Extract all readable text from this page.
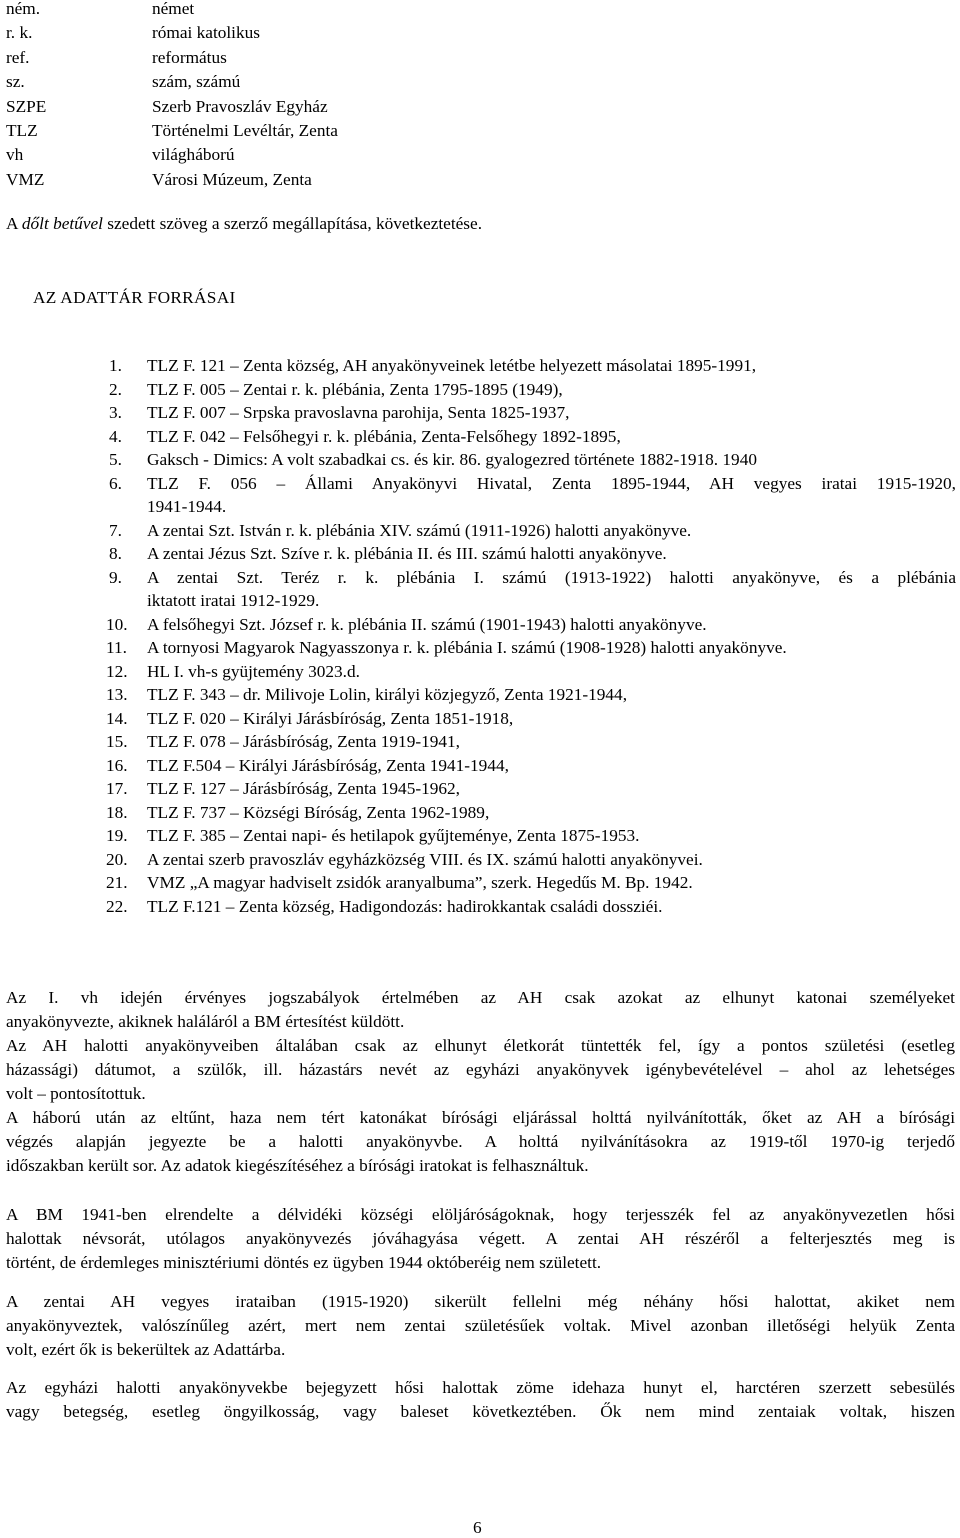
ném.	német
r. k.	római katolikus
ref.	református
sz.	szám, számú
SZPE	Szerb Pravoszláv Egyház
TLZ	Történelmi Levéltár, Zenta
vh	világháború
VMZ	Városi Múzeum, Zenta
A dőlt betűvel szedett szöveg a szerző megállapítása, következtetése.
AZ ADATTÁR FORRÁSAI
1. TLZ F. 121 – Zenta község, AH anyakönyveinek letétbe helyezett másolatai 1895-1991,
2. TLZ F. 005 – Zentai r. k. plébánia, Zenta 1795-1895 (1949),
3. TLZ F. 007 – Srpska pravoslavna parohija, Senta 1825-1937,
4. TLZ F. 042 – Felsőhegyi r. k. plébánia, Zenta-Felsőhegy 1892-1895,
5. Gaksch - Dimics: A volt szabadkai cs. és kir. 86. gyalogezred története 1882-1918. 1940
6. TLZ F. 056 – Állami Anyakönyvi Hivatal, Zenta 1895-1944, AH vegyes iratai 1915-1920,
1941-1944.
7. A zentai Szt. István r. k. plébánia XIV. számú (1911-1926) halotti anyakönyve.
8. A zentai Jézus Szt. Szíve r. k. plébánia II. és III. számú halotti anyakönyve.
9. A zentai Szt. Teréz r. k. plébánia I. számú (1913-1922) halotti anyakönyve, és a plébánia
iktatott iratai 1912-1929.
10. A felsőhegyi Szt. József r. k. plébánia II. számú (1901-1943) halotti anyakönyve.
11. A tornyosi Magyarok Nagyasszonya r. k. plébánia I. számú (1908-1928) halotti anyakönyve.
12. HL I. vh-s gyüjtemény 3023.d.
13. TLZ F. 343 – dr. Milivoje Lolin, királyi közjegyző, Zenta 1921-1944,
14. TLZ F. 020 – Királyi Járásbíróság, Zenta 1851-1918,
15. TLZ F. 078 – Járásbíróság, Zenta 1919-1941,
16. TLZ F.504 – Királyi Járásbíróság, Zenta 1941-1944,
17. TLZ F. 127 – Járásbíróság, Zenta 1945-1962,
18. TLZ F. 737 – Községi Bíróság, Zenta 1962-1989,
19. TLZ F. 385 – Zentai napi- és hetilapok gyűjteménye, Zenta 1875-1953.
20. A zentai szerb pravoszláv egyházközség VIII. és IX. számú halotti anyakönyvei.
21. VMZ „A magyar hadviselt zsidók aranyalbuma”, szerk. Hegedűs M. Bp. 1942.
22. TLZ F.121 – Zenta község, Hadigondozás: hadirokkantak családi dossziéi.
Az I. vh idején érvényes jogszabályok értelmében az AH csak azokat az elhunyt katonai személyeket
anyakönyvezte, akiknek haláláról a BM értesítést küldött.
Az AH halotti anyakönyveiben általában csak az elhunyt életkorát tüntették fel, így a pontos születési (esetleg
házassági) dátumot, a szülők, ill. házastárs nevét az egyházi anyakönyvek igénybevételével – ahol az lehetséges
volt – pontosítottuk.
A háború után az eltűnt, haza nem tért katonákat bírósági eljárással holttá nyilvánították, őket az AH a bírósági
végzés alapján jegyezte be a halotti anyakönyvbe. A holttá nyilvánításokra az 1919-től 1970-ig terjedő
időszakban került sor. Az adatok kiegészítéséhez a bírósági iratokat is felhasználtuk.
A BM 1941-ben elrendelte a délvidéki községi elöljáróságoknak, hogy terjesszék fel az anyakönyvezetlen hősi
halottak névsorát, utólagos anyakönyvezés jóváhagyása végett. A zentai AH részéről a felterjesztés meg is
történt, de érdemleges minisztériumi döntés ez ügyben 1944 októberéig nem született.
A zentai AH vegyes irataiban (1915-1920) sikerült fellelni még néhány hősi halottat, akiket nem
anyakönyveztek, valószínűleg azért, mert nem zentai születésűek voltak. Mivel azonban illetőségi helyük Zenta
volt, ezért ők is bekerültek az Adattárba.
Az egyházi halotti anyakönyvekbe bejegyzett hősi halottak zöme idehaza hunyt el, harctéren szerzett sebesülés
vagy betegség, esetleg öngyilkosság, vagy baleset következtében. Ők nem mind zentaiak voltak, hiszen
6
